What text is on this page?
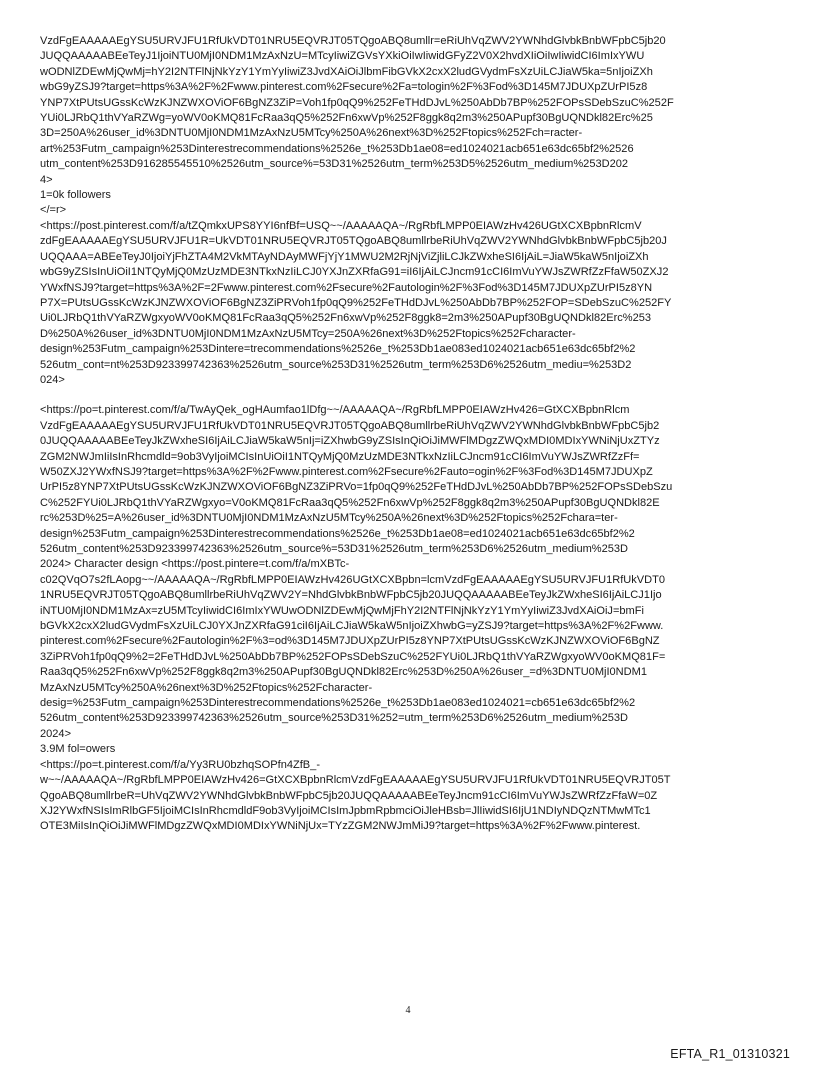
VzdFgEAAAAAEgYSU5URVJFU1RfUkVDT01NRU5EQVRJT05TQgoABQ8umllr=eRiUhVqZWV2YWNhdGlvbkBnbWFpbC5jb20
JUQQAAAAABEeTeyJ1IjoiNTU0MjI0NDM1MzAxNzU=MTcyIiwiZGVsYXkiOiIwIiwidGFyZ2V0X2hvdXIiOiIwIiwidCI6ImIxYWU
wODNlZDEwMjQwMj=hY2I2NTFlNjNkYzY1YmYyIiwiZ3JvdXAiOiJlbmFibGVkX2cxX2ludGVydmFsXzUiLCJiaW5ka=5nIjoiZXh
wbG9yZSJ9?target=https%3A%2F%2Fwww.pinterest.com%2Fsecure%2Fa=tologin%2F%3Fod%3D145M7JDUXpZUrPI5z8
YNP7XtPUtsUGssKcWzKJNZWXOViOF6BgNZ3ZiP=Voh1fp0qQ9%252FeTHdDJvL%250AbDb7BP%252FOPsSDebSzuC%252F
YUi0LJRbQ1thVYaRZWg=yoWV0oKMQ81FcRaa3qQ5%252Fn6xwVp%252F8ggk8q2m3%250APupf30BgUQNDkl82Erc%25
3D=250A%26user_id%3DNTU0MjI0NDM1MzAxNzU5MTcy%250A%26next%3D%252Ftopics%252Fch=racter-
art%253Futm_campaign%253Dinterestrecommendations%2526e_t%253Db1ae08=ed1024021acb651e63dc65bf2%2526
utm_content%253D916285545510%2526utm_source%=53D31%2526utm_term%253D5%2526utm_medium%253D202
4>
1=0k followers
</=r>
<https://post.pinterest.com/f/a/tZQmkxUPS8YYI6nfBf=USQ~~/AAAAAQA~/RgRbfLMPP0EIAWzHv426UGtXCXBpbnRlcmV
zdFgEAAAAAEgYSU5URVJFU1R=UkVDT01NRU5EQVRJT05TQgoABQ8umllrbeRiUhVqZWV2YWNhdGlvbkBnbWFpbC5jb20J
UQQAAA=ABEeTeyJ0IjoiYjFhZTA4M2VkMTAyNDAyMWFjYjY1MWU2M2RjNjViZjliLCJkZWxheSI6IjAiL=JiaW5kaW5nIjoiZXh
wbG9yZSIsInUiOiI1NTQyMjQ0MzUzMDE3NTkxNzIiLCJ0YXJnZXRfaG91=iI6IjAiLCJncm91cCI6ImVuYWJsZWRfZzFfaW50ZXJ2
YWxfNSJ9?target=https%3A%2F=2Fwww.pinterest.com%2Fsecure%2Fautologin%2F%3Fod%3D145M7JDUXpZUrPI5z8YN
P7X=PUtsUGssKcWzKJNZWXOViOF6BgNZ3ZiPRVoh1fp0qQ9%252FeTHdDJvL%250AbDb7BP%252FOP=SDebSzuC%252FY
Ui0LJRbQ1thVYaRZWgxyoWV0oKMQ81FcRaa3qQ5%252Fn6xwVp%252F8ggk8=2m3%250APupf30BgUQNDkl82Erc%253
D%250A%26user_id%3DNTU0MjI0NDM1MzAxNzU5MTcy=250A%26next%3D%252Ftopics%252Fcharacter-
design%253Futm_campaign%253Dintere=trecommendations%2526e_t%253Db1ae083ed1024021acb651e63dc65bf2%2
526utm_cont=nt%253D923399742363%2526utm_source%253D31%2526utm_term%253D6%2526utm_mediu=%253D2
024>
<https://po=t.pinterest.com/f/a/TwAyQek_ogHAumfao1lDfg~~/AAAAAQA~/RgRbfLMPP0EIAWzHv426=GtXCXBpbnRlcm
VzdFgEAAAAAEgYSU5URVJFU1RfUkVDT01NRU5EQVRJT05TQgoABQ8umllrbeRiUhVqZWV2YWNhdGlvbkBnbWFpbC5jb2
0JUQQAAAAABEeTeyJkZWxheSI6IjAiLCJiaW5kaW5nIj=iZXhwbG9yZSIsInQiOiJiMWFlMDgzZWQxMDI0MDIxYWNiNjUxZTYz
ZGM2NWJmIiIsInRhcmdld=9ob3VyIjoiMCIsInUiOiI1NTQyMjQ0MzUzMDE3NTkxNzIiLCJncm91cCI6ImVuYWJsZWRfZzFf=
W50ZXJ2YWxfNSJ9?target=https%3A%2F%2Fwww.pinterest.com%2Fsecure%2Fauto=ogin%2F%3Fod%3D145M7JDUXpZ
UrPI5z8YNP7XtPUtsUGssKcWzKJNZWXOViOF6BgNZ3ZiPRVo=1fp0qQ9%252FeTHdDJvL%250AbDb7BP%252FOPsSDebSzu
C%252FYUi0LJRbQ1thVYaRZWgxyo=V0oKMQ81FcRaa3qQ5%252Fn6xwVp%252F8ggk8q2m3%250APupf30BgUQNDkl82E
rc%253D%25=A%26user_id%3DNTU0MjI0NDM1MzAxNzU5MTcy%250A%26next%3D%252Ftopics%252Fchara=ter-
design%253Futm_campaign%253Dinterestrecommendations%2526e_t%253Db1ae08=ed1024021acb651e63dc65bf2%2
526utm_content%253D923399742363%2526utm_source%=53D31%2526utm_term%253D6%2526utm_medium%253D
2024> Character design <https://post.pintere=t.com/f/a/mXBTc-
c02QVqO7s2fLAopg~~/AAAAAQA~/RgRbfLMPP0EIAWzHv426UGtXCXBpbn=lcmVzdFgEAAAAAEgYSU5URVJFU1RfUkVDT0
1NRU5EQVRJT05TQgoABQ8umllrbeRiUhVqZWV2Y=NhdGlvbkBnbWFpbC5jb20JUQQAAAAABEeTeyJkZWxheSI6IjAiLCJ1Ijo
iNTU0MjI0NDM1MzAx=zU5MTcyIiwidCI6ImIxYWUwODNlZDEwMjQwMjFhY2I2NTFlNjNkYzY1YmYyIiwiZ3JvdXAiOiJ=bmFi
bGVkX2cxX2ludGVydmFsXzUiLCJ0YXJnZXRfaG91ciI6IjAiLCJiaW5kaW5nIjoiZXhwbG=yZSJ9?target=https%3A%2F%2Fwww.
pinterest.com%2Fsecure%2Fautologin%2F%3=od%3D145M7JDUXpZUrPI5z8YNP7XtPUtsUGssKcWzKJNZWXOViOF6BgNZ
3ZiPRVoh1fp0qQ9%2=2FeTHdDJvL%250AbDb7BP%252FOPsSDebSzuC%252FYUi0LJRbQ1thVYaRZWgxyoWV0oKMQ81F=
Raa3qQ5%252Fn6xwVp%252F8ggk8q2m3%250APupf30BgUQNDkl82Erc%253D%250A%26user_=d%3DNTU0MjI0NDM1
MzAxNzU5MTcy%250A%26next%3D%252Ftopics%252Fcharacter-
desig=%253Futm_campaign%253Dinterestrecommendations%2526e_t%253Db1ae083ed1024021=cb651e63dc65bf2%2
526utm_content%253D923399742363%2526utm_source%253D31%252=utm_term%253D6%2526utm_medium%253D
2024>
3.9M fol=owers
<https://po=t.pinterest.com/f/a/Yy3RU0bzhqSOPfn4ZfB_-
w~~/AAAAAQA~/RgRbfLMPP0EIAWzHv426=GtXCXBpbnRlcmVzdFgEAAAAAEgYSU5URVJFU1RfUkVDT01NRU5EQVRJT05T
QgoABQ8umllrbeR=UhVqZWV2YWNhdGlvbkBnbWFpbC5jb20JUQQAAAAABEeTeyJncm91cCI6ImVuYWJsZWRfZzFfaW=0Z
XJ2YWxfNSIsImRlbGF5IjoiMCIsInRhcmdldF9ob3VyIjoiMCIsImJpbmRpbmciOiJleHBsb=JlIiwidSI6IjU1NDIyNDQzNTMwMTc1
OTE3MiIsInQiOiJiMWFlMDgzZWQxMDI0MDIxYWNiNjUx=TYzZGM2NWJmMiJ9?target=https%3A%2F%2Fwww.pinterest.
4
EFTA_R1_01310321
